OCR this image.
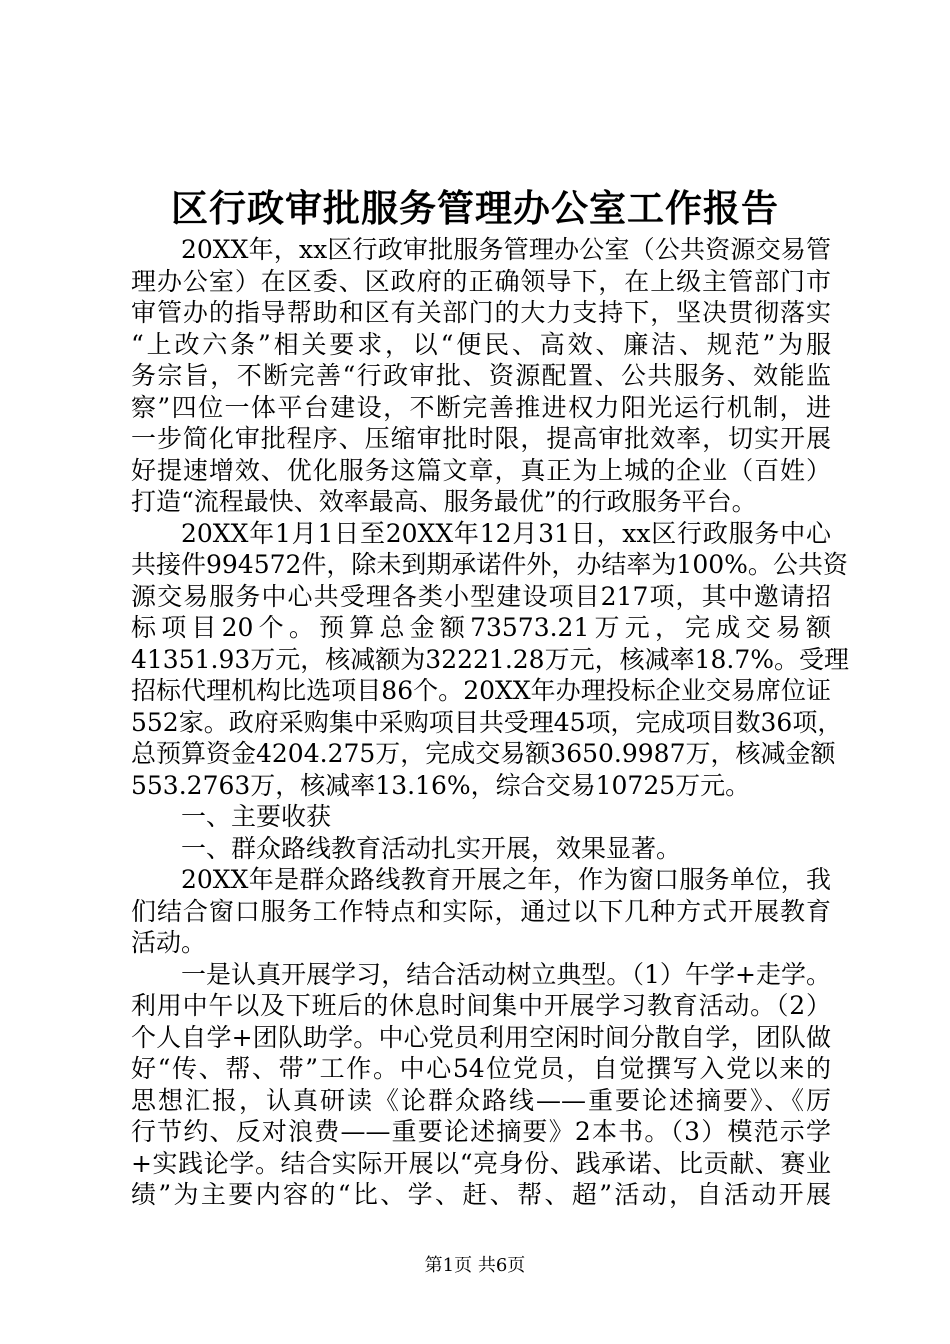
区行政审批服务管理办公室工作报告
20XX年，xx区行政审批服务管理办公室（公共资源交易管
理办公室）在区委、区政府的正确领导下，在上级主管部门市
审管办的指导帮助和区有关部门的大力支持下，坚决贯彻落实
“上改六条”相关要求，以“便民、高效、廉洁、规范”为服
务宗旨，不断完善“行政审批、资源配置、公共服务、效能监
察”四位一体平台建设，不断完善推进权力阳光运行机制，进
一步简化审批程序、压缩审批时限，提高审批效率，切实开展
好提速增效、优化服务这篇文章，真正为上城的企业（百姓）
打造“流程最快、效率最高、服务最优”的行政服务平台。
20XX年1月1日至20XX年12月31日，xx区行政服务中心
共接件994572件，除未到期承诺件外，办结率为100%。公共资
源交易服务中心共受理各类小型建设项目217项，其中邀请招
标项目20个。预算总金额73573.21万元，完成交易额
41351.93万元，核减额为32221.28万元，核减率18.7%。受理
招标代理机构比选项目86个。20XX年办理投标企业交易席位证
552家。政府采购集中采购项目共受理45项，完成项目数36项，
总预算资金4204.275万，完成交易额3650.9987万，核减金额
553.2763万，核减率13.16%，综合交易10725万元。
一、主要收获
一、群众路线教育活动扎实开展，效果显著。
20XX年是群众路线教育开展之年，作为窗口服务单位，我
们结合窗口服务工作特点和实际，通过以下几种方式开展教育
活动。
一是认真开展学习，结合活动树立典型。（1）午学+走学。
利用中午以及下班后的休息时间集中开展学习教育活动。（2）
个人自学+团队助学。中心党员利用空闲时间分散自学，团队做
好“传、帮、带”工作。中心54位党员，自觉撰写入党以来的
思想汇报，认真研读《论群众路线——重要论述摘要》、《厉
行节约、反对浪费——重要论述摘要》2本书。（3）模范示学
+实践论学。结合实际开展以“亮身份、践承诺、比贡献、赛业
绩”为主要内容的“比、学、赶、帮、超”活动，自活动开展
第1页 共6页
